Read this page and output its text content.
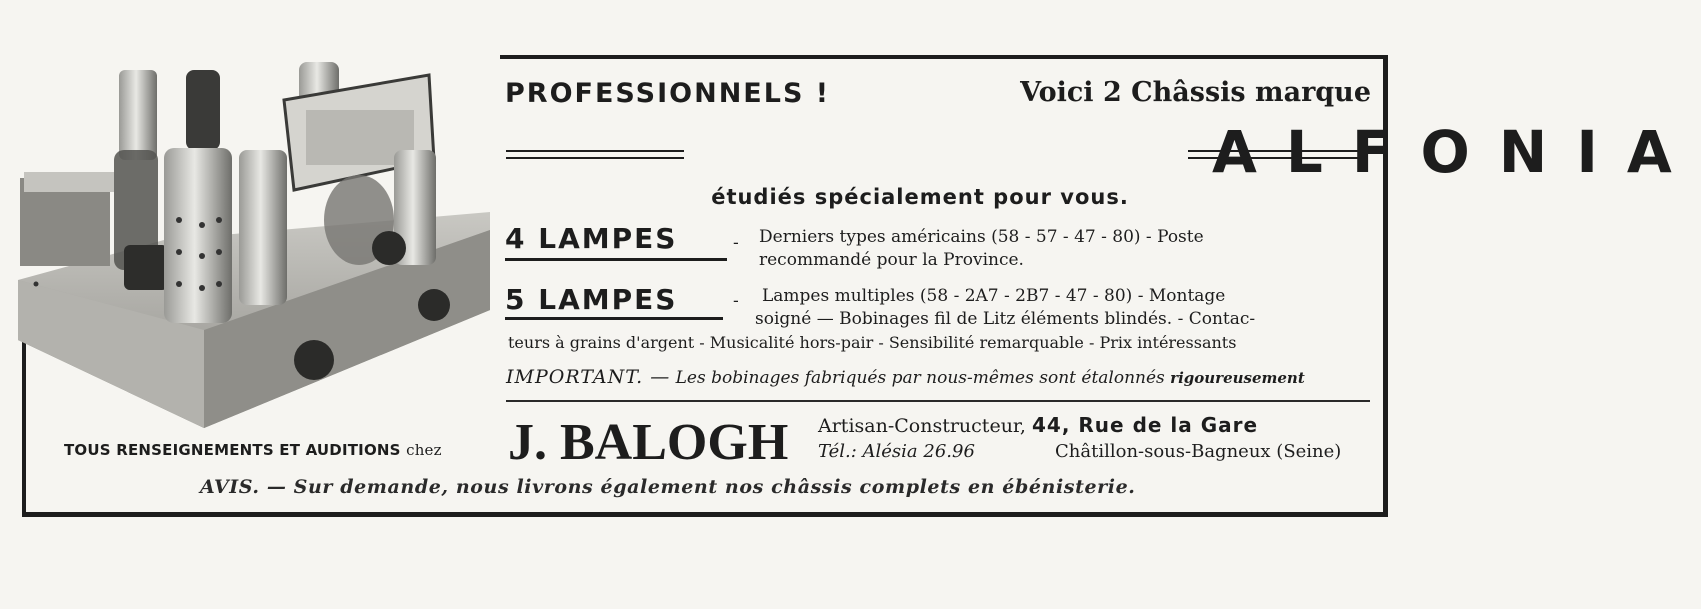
PROFESSIONNELS !	Voici 2 Châssis marque
ALFONIA
étudiés spécialement pour vous.
4 LAMPES	- Derniers types américains (58 - 57 - 47 - 80) - Poste
recommandé pour la Province.
5 LAMPES	- Lampes multiples (58 - 2A7 - 2B7 - 47 - 80) - Montage
soigné — Bobinages fil de Litz éléments blindés. - Contac-
teurs à grains d'argent - Musicalité hors-pair - Sensibilité remarquable - Prix intéressants
IMPORTANT. — Les bobinages fabriqués par nous-mêmes sont étalonnés rigoureusement
TOUS RENSEIGNEMENTS ET AUDITIONS chez J. BALOGH Artisan-Constructeur, 44, Rue de la Gare
Tél.: Alésia 26.96	Châtillon-sous-Bagneux (Seine)
AVIS. — Sur demande, nous livrons également nos châssis complets en ébénisterie.
